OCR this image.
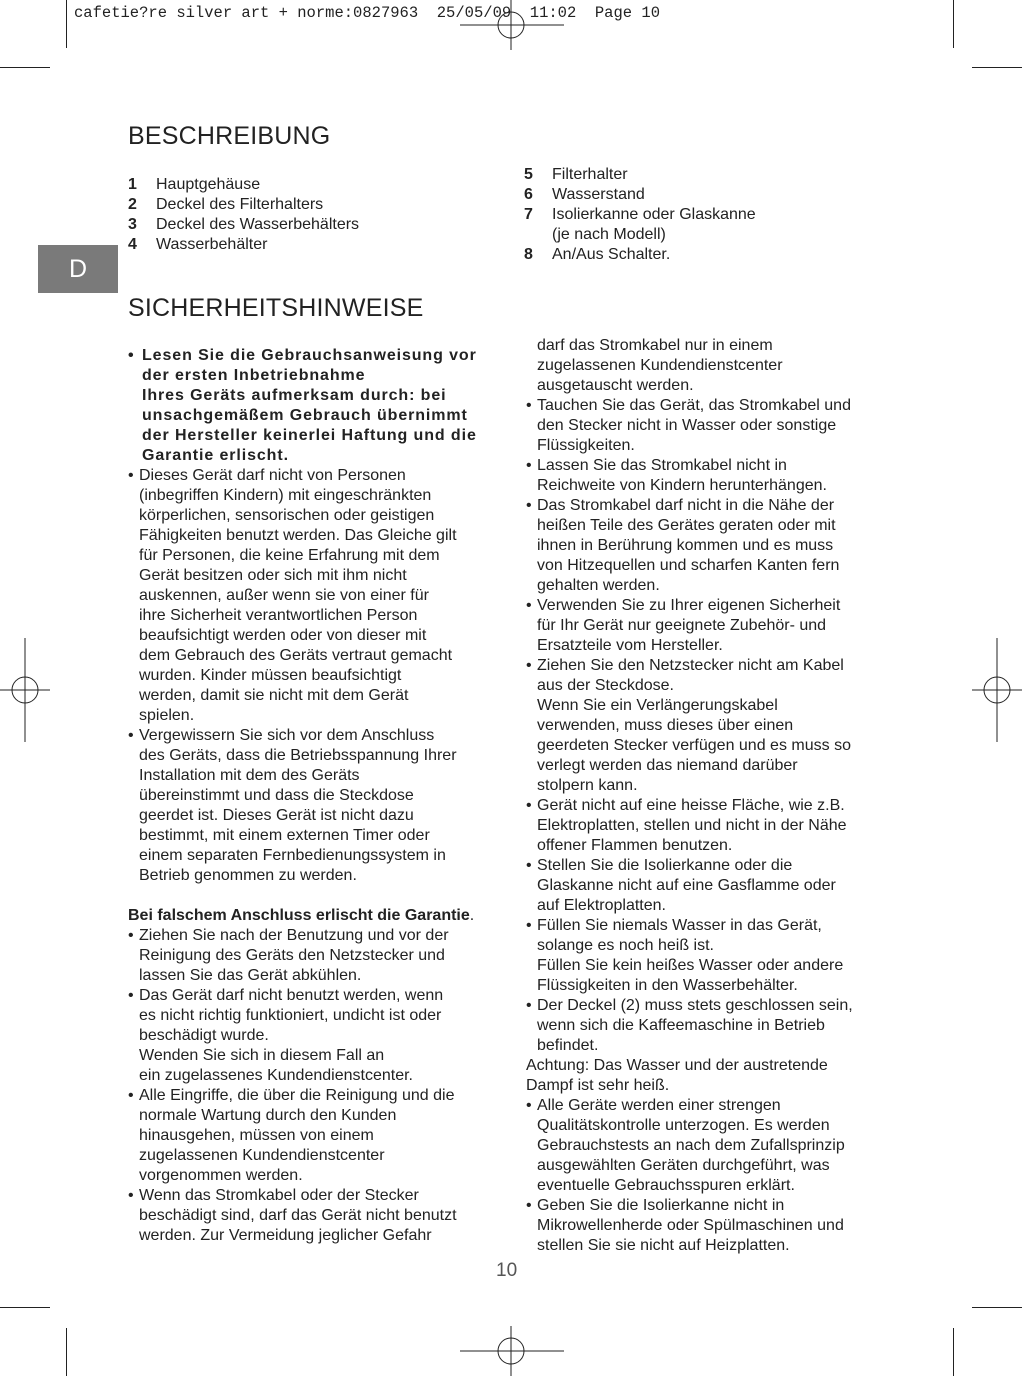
cafetie?re silver art + norme:0827963  25/05/09  11:02  Page 10
D
BESCHREIBUNG
1	Hauptgehäuse
2	Deckel des Filterhalters
3	Deckel des Wasserbehälters
4	Wasserbehälter
5	Filterhalter
6	Wasserstand
7	Isolierkanne oder Glaskanne
(je nach Modell)
8	An/Aus Schalter.
SICHERHEITSHINWEISE
• Lesen Sie die Gebrauchsanweisung vor
der ersten Inbetriebnahme
Ihres Geräts aufmerksam durch: bei
unsachgemäßem Gebrauch übernimmt
der Hersteller keinerlei Haftung und die
Garantie erlischt.
• Dieses Gerät darf nicht von Personen
(inbegriffen Kindern) mit eingeschränkten
körperlichen, sensorischen oder geistigen
Fähigkeiten benutzt werden. Das Gleiche gilt
für Personen, die keine Erfahrung mit dem
Gerät besitzen oder sich mit ihm nicht
auskennen, außer wenn sie von einer für
ihre Sicherheit verantwortlichen Person
beaufsichtigt werden oder von dieser mit
dem Gebrauch des Geräts vertraut gemacht
wurden. Kinder müssen beaufsichtigt
werden, damit sie nicht mit dem Gerät
spielen.
• Vergewissern Sie sich vor dem Anschluss
des Geräts, dass die Betriebsspannung Ihrer
Installation mit dem des Geräts
übereinstimmt und dass die Steckdose
geerdet ist. Dieses Gerät ist nicht dazu
bestimmt, mit einem externen Timer oder
einem separaten Fernbedienungssystem in
Betrieb genommen zu werden.
Bei falschem Anschluss erlischt die Garantie.
• Ziehen Sie nach der Benutzung und vor der
Reinigung des Geräts den Netzstecker und
lassen Sie das Gerät abkühlen.
• Das Gerät darf nicht benutzt werden, wenn
es nicht richtig funktioniert, undicht ist oder
beschädigt wurde.
Wenden Sie sich in diesem Fall an
ein zugelassenes Kundendienstcenter.
• Alle Eingriffe, die über die Reinigung und die
normale Wartung durch den Kunden
hinausgehen, müssen von einem
zugelassenen Kundendienstcenter
vorgenommen werden.
• Wenn das Stromkabel oder der Stecker
beschädigt sind, darf das Gerät nicht benutzt
werden. Zur Vermeidung jeglicher Gefahr
darf das Stromkabel nur in einem
zugelassenen Kundendienstcenter
ausgetauscht werden.
• Tauchen Sie das Gerät, das Stromkabel und
den Stecker nicht in Wasser oder sonstige
Flüssigkeiten.
• Lassen Sie das Stromkabel nicht in
Reichweite von Kindern herunterhängen.
• Das Stromkabel darf nicht in die Nähe der
heißen Teile des Gerätes geraten oder mit
ihnen in Berührung kommen und es muss
von Hitzequellen und scharfen Kanten fern
gehalten werden.
• Verwenden Sie zu Ihrer eigenen Sicherheit
für Ihr Gerät nur geeignete Zubehör- und
Ersatzteile vom Hersteller.
• Ziehen Sie den Netzstecker nicht am Kabel
aus der Steckdose.
Wenn Sie ein Verlängerungskabel
verwenden, muss dieses über einen
geerdeten Stecker verfügen und es muss so
verlegt werden das niemand darüber
stolpern kann.
• Gerät nicht auf eine heisse Fläche, wie z.B.
Elektroplatten, stellen und nicht in der Nähe
offener Flammen benutzen.
• Stellen Sie die Isolierkanne oder die
Glaskanne nicht auf eine Gasflamme oder
auf Elektroplatten.
• Füllen Sie niemals Wasser in das Gerät,
solange es noch heiß ist.
Füllen Sie kein heißes Wasser oder andere
Flüssigkeiten in den Wasserbehälter.
• Der Deckel (2) muss stets geschlossen sein,
wenn sich die Kaffeemaschine in Betrieb
befindet.
Achtung: Das Wasser und der austretende
Dampf ist sehr heiß.
• Alle Geräte werden einer strengen
Qualitätskontrolle unterzogen. Es werden
Gebrauchstests an nach dem Zufallsprinzip
ausgewählten Geräten durchgeführt, was
eventuelle Gebrauchsspuren erklärt.
• Geben Sie die Isolierkanne nicht in
Mikrowellenherde oder Spülmaschinen und
stellen Sie sie nicht auf Heizplatten.
10
